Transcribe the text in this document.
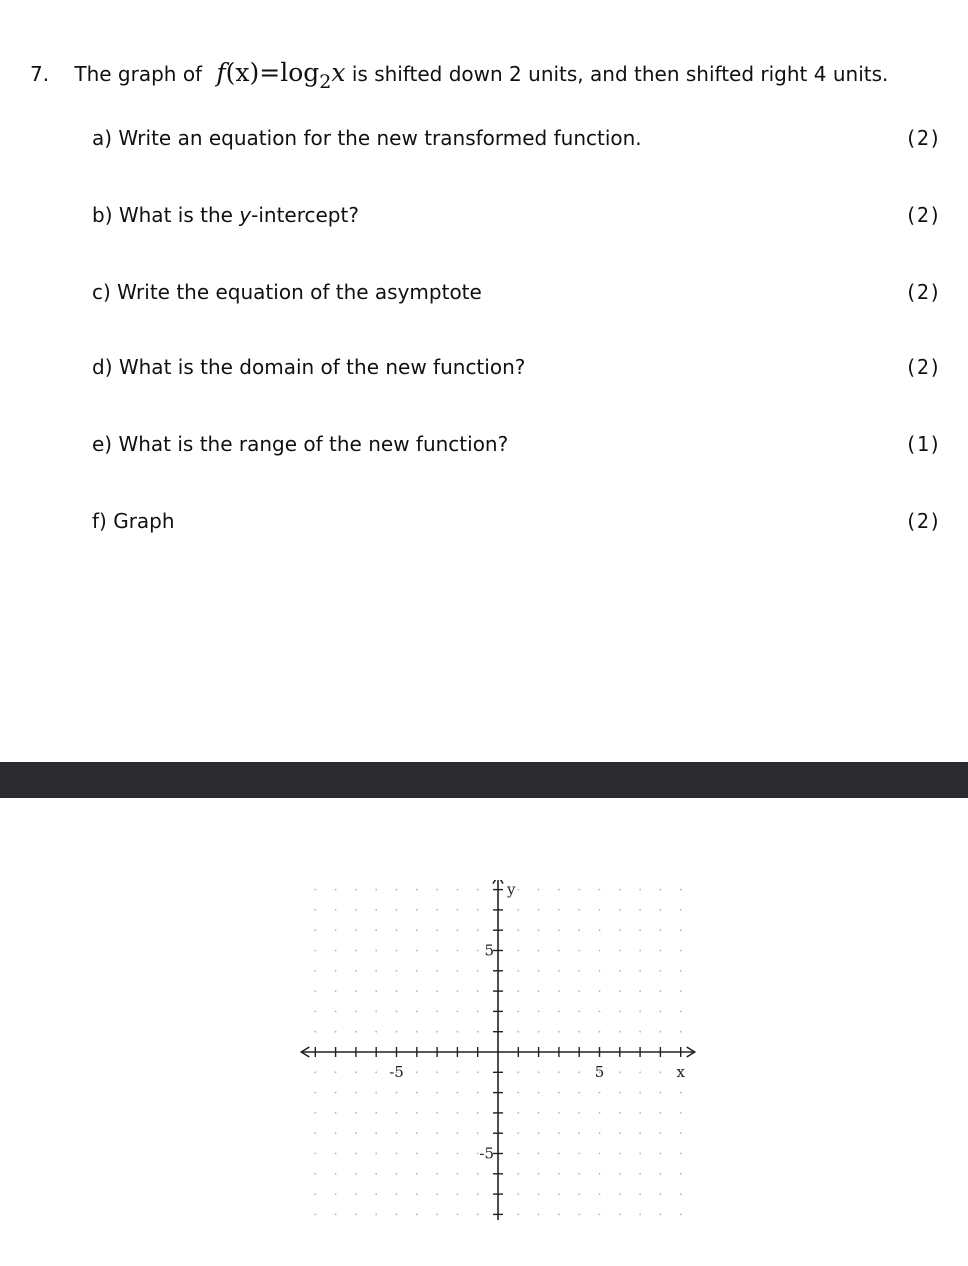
7. The graph of $f(x)=\log_2x$ is shifted down 2 units, and then shifted right 4 units.
a) Write an equation for the new transformed function.	(2)
b) What is the y-intercept?	(2)
c) Write the equation of the asymptote	(2)
d) What is the domain of the new function?	(2)
e) What is the range of the new function?	(1)
f) Graph	(2)
x
y
-5	5
5
-5
